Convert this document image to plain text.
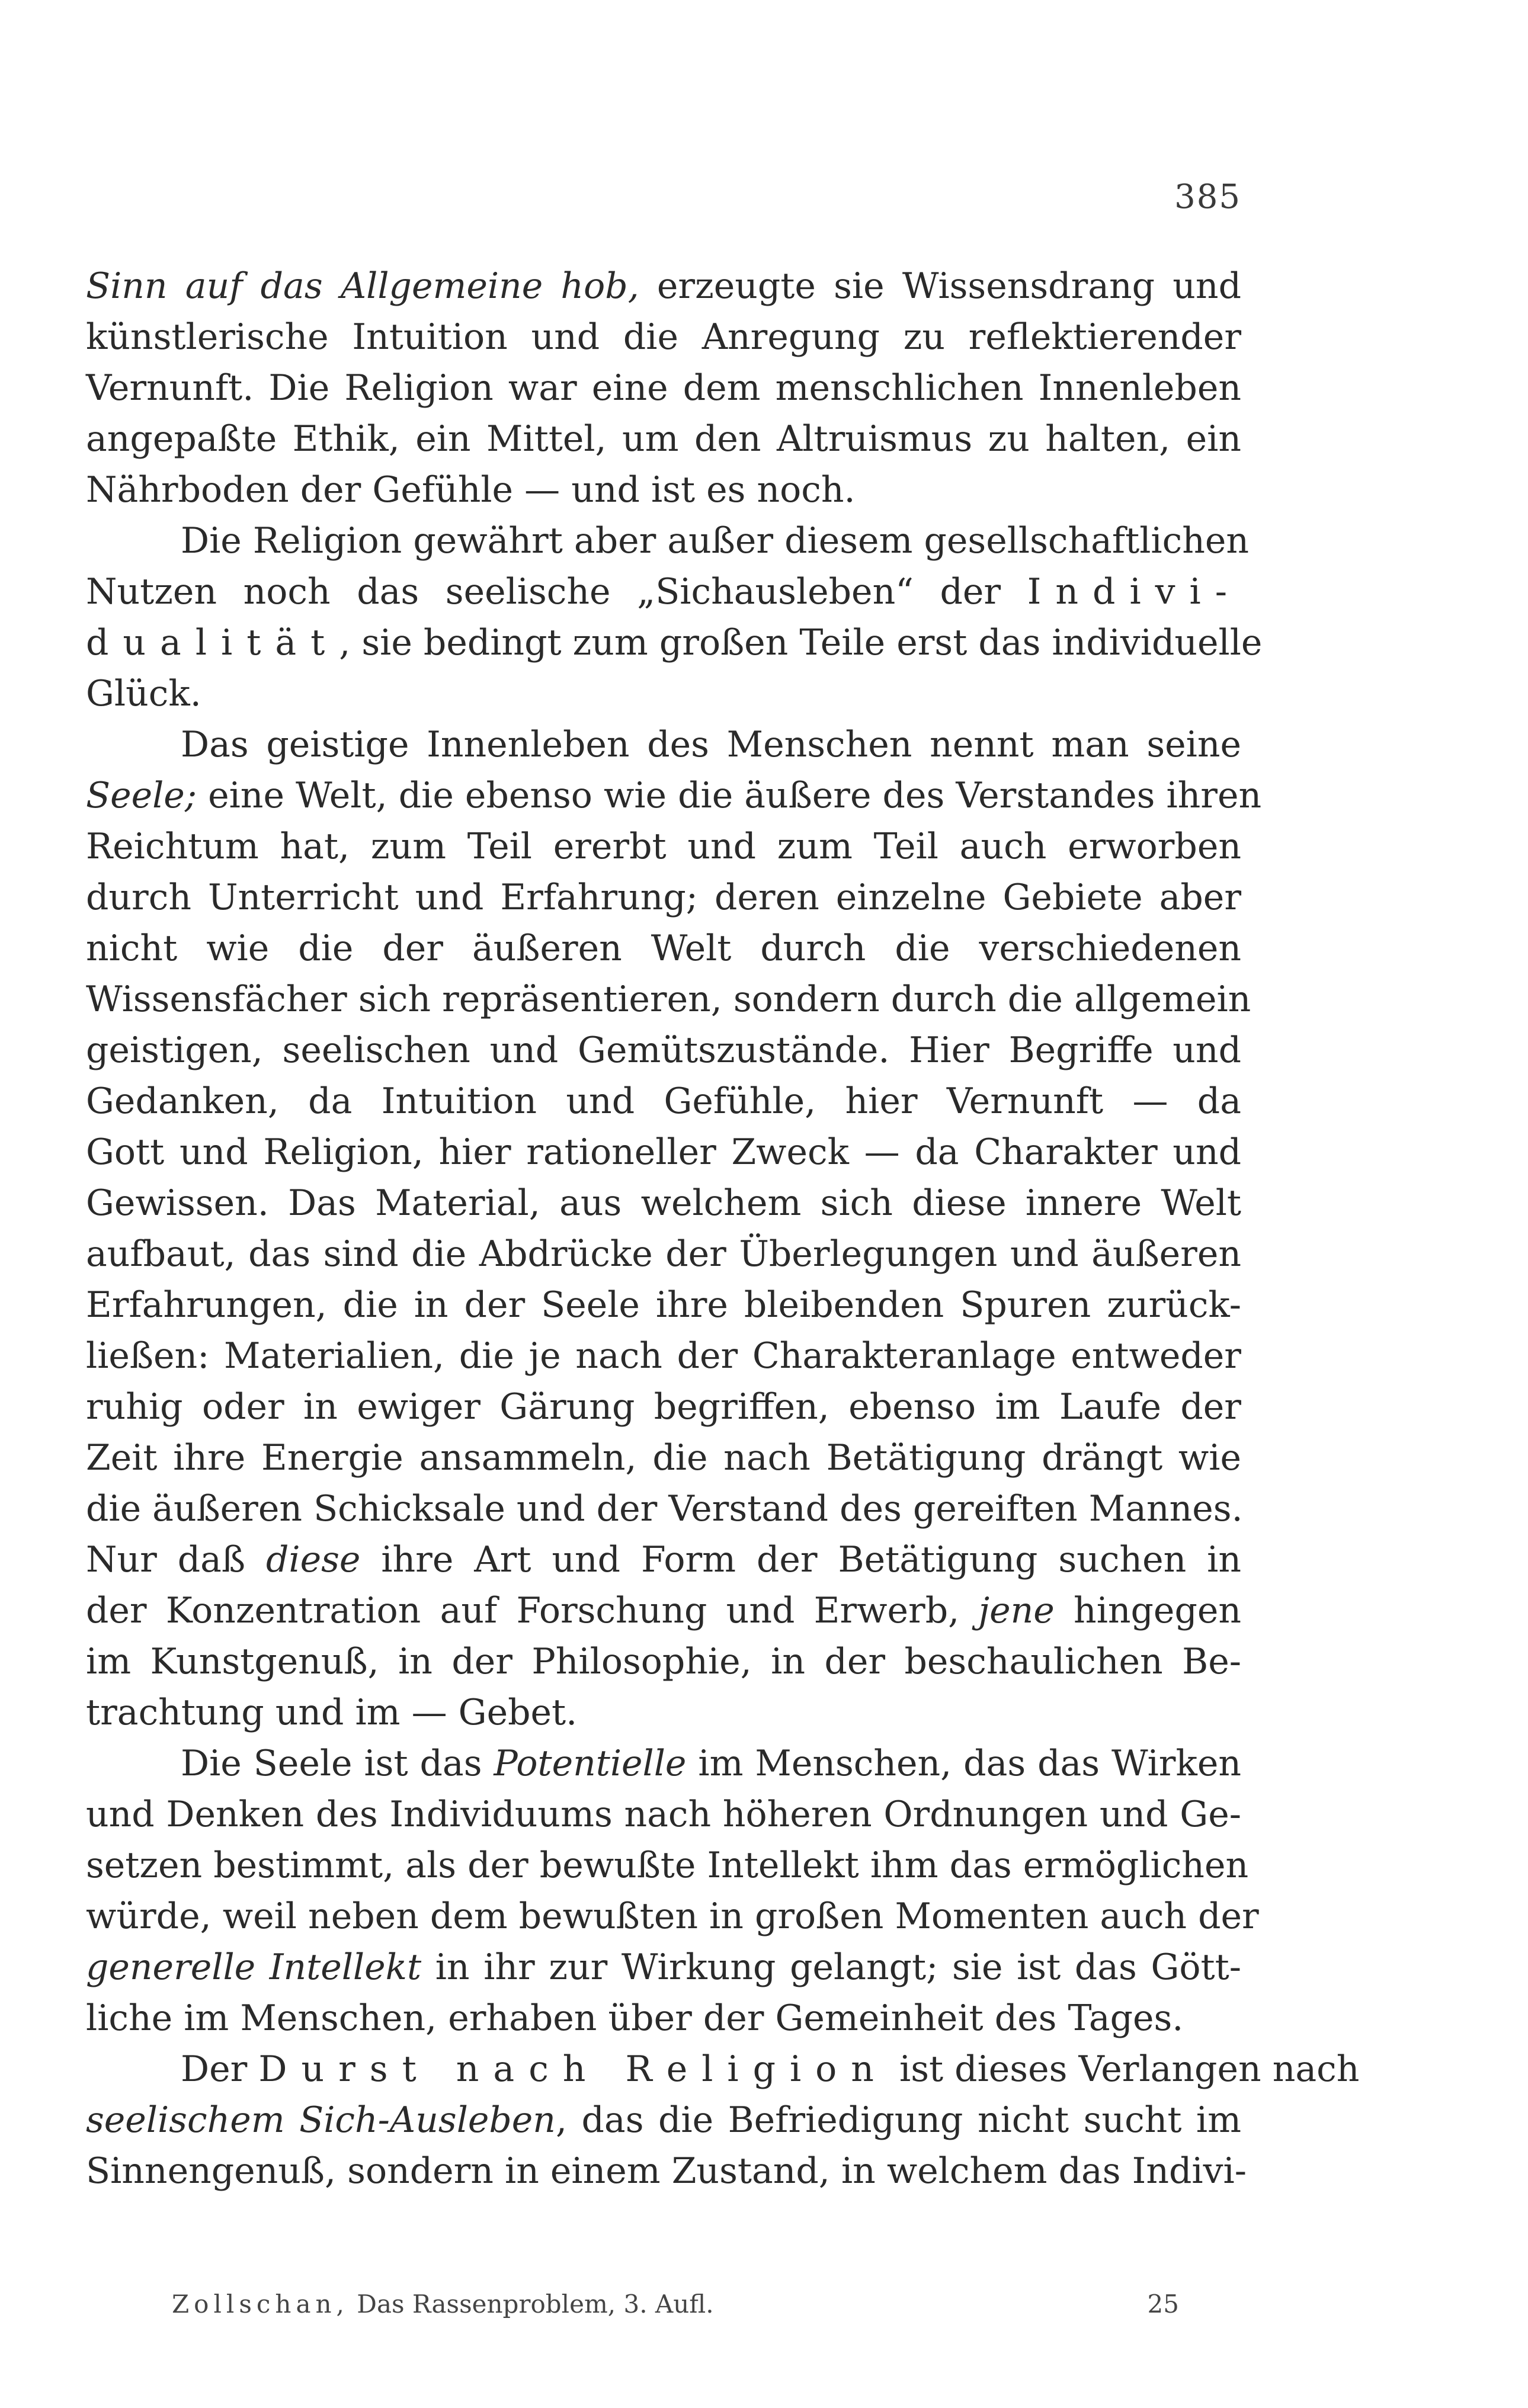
385
Sinn auf das Allgemeine hob, erzeugte sie Wissensdrang und
künstlerische Intuition und die Anregung zu reflektierender
Vernunft. Die Religion war eine dem menschlichen Innenleben
angepaßte Ethik, ein Mittel, um den Altruismus zu halten, ein
Nährboden der Gefühle — und ist es noch.
Die Religion gewährt aber außer diesem gesellschaftlichen
Nutzen noch das seelische „Sichausleben“ der Indivi-
dualität, sie bedingt zum großen Teile erst das individuelle
Glück.
Das geistige Innenleben des Menschen nennt man seine
Seele; eine Welt, die ebenso wie die äußere des Verstandes ihren
Reichtum hat, zum Teil ererbt und zum Teil auch erworben
durch Unterricht und Erfahrung; deren einzelne Gebiete aber
nicht wie die der äußeren Welt durch die verschiedenen
Wissensfächer sich repräsentieren, sondern durch die allgemein
geistigen, seelischen und Gemütszustände. Hier Begriffe und
Gedanken, da Intuition und Gefühle, hier Vernunft — da
Gott und Religion, hier rationeller Zweck — da Charakter und
Gewissen. Das Material, aus welchem sich diese innere Welt
aufbaut, das sind die Abdrücke der Überlegungen und äußeren
Erfahrungen, die in der Seele ihre bleibenden Spuren zurück-
ließen: Materialien, die je nach der Charakteranlage entweder
ruhig oder in ewiger Gärung begriffen, ebenso im Laufe der
Zeit ihre Energie ansammeln, die nach Betätigung drängt wie
die äußeren Schicksale und der Verstand des gereiften Mannes.
Nur daß diese ihre Art und Form der Betätigung suchen in
der Konzentration auf Forschung und Erwerb, jene hingegen
im Kunstgenuß, in der Philosophie, in der beschaulichen Be-
trachtung und im — Gebet.
Die Seele ist das Potentielle im Menschen, das das Wirken
und Denken des Individuums nach höheren Ordnungen und Ge-
setzen bestimmt, als der bewußte Intellekt ihm das ermöglichen
würde, weil neben dem bewußten in großen Momenten auch der
generelle Intellekt in ihr zur Wirkung gelangt; sie ist das Gött-
liche im Menschen, erhaben über der Gemeinheit des Tages.
Der Durst nach Religion ist dieses Verlangen nach
seelischem Sich-Ausleben, das die Befriedigung nicht sucht im
Sinnengenuß, sondern in einem Zustand, in welchem das Indivi-
Zollschan, Das Rassenproblem, 3. Aufl.	25
